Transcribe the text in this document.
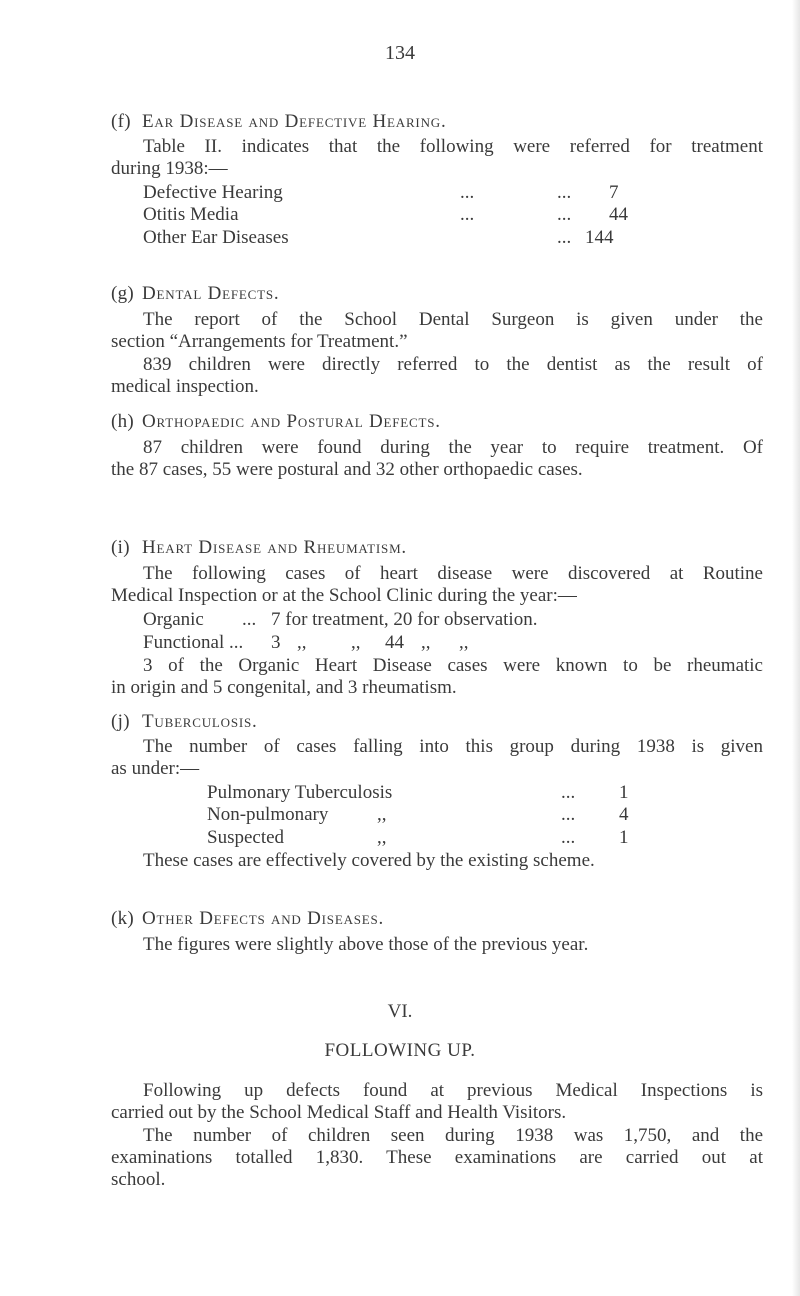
134
(f) Ear Disease and Defective Hearing.
Table II. indicates that the following were referred for treatment
during 1938:—
Defective Hearing	...	... 7
Otitis Media	...	... 44
Other Ear Diseases	... 144
(g) Dental Defects.
The report of the School Dental Surgeon is given under the
section “Arrangements for Treatment.”
839 children were directly referred to the dentist as the result of
medical inspection.
(h) Orthopaedic and Postural Defects.
87 children were found during the year to require treatment. Of
the 87 cases, 55 were postural and 32 other orthopaedic cases.
(i) Heart Disease and Rheumatism.
The following cases of heart disease were discovered at Routine
Medical Inspection or at the School Clinic during the year:—
Organic ... 7 for treatment, 20 for observation.
Functional ... 3 ,, ,, 44 ,, ,,
3 of the Organic Heart Disease cases were known to be rheumatic
in origin and 5 congenital, and 3 rheumatism.
(j) Tuberculosis.
The number of cases falling into this group during 1938 is given
as under:—
Pulmonary Tuberculosis	... 1
Non-pulmonary	,,	... 4
Suspected	,,	... 1
These cases are effectively covered by the existing scheme.
(k) Other Defects and Diseases.
The figures were slightly above those of the previous year.
VI.
FOLLOWING UP.
Following up defects found at previous Medical Inspections is
carried out by the School Medical Staff and Health Visitors.
The number of children seen during 1938 was 1,750, and the
examinations totalled 1,830. These examinations are carried out at
school.
